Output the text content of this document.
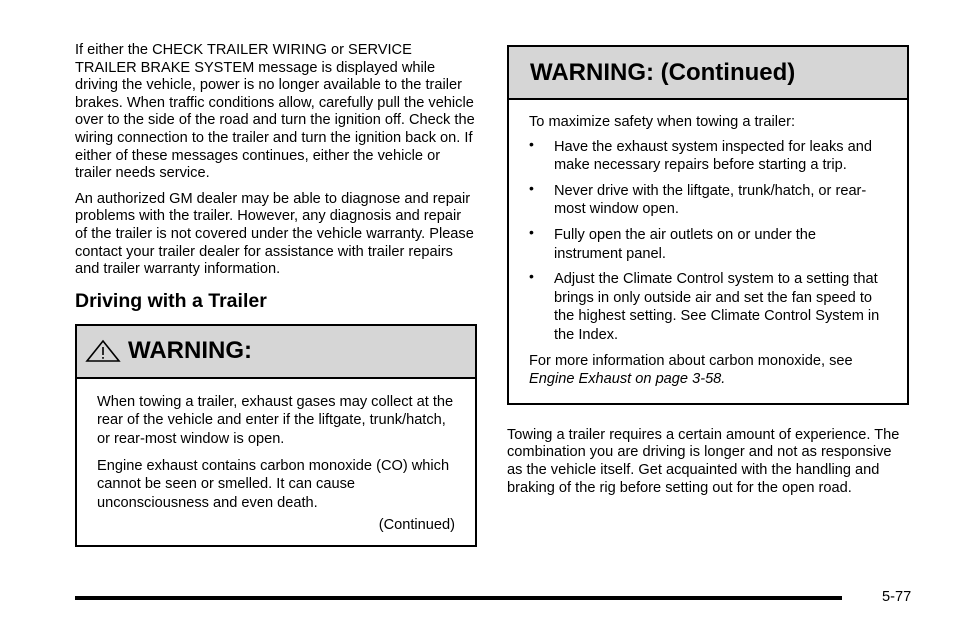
If either the CHECK TRAILER WIRING or SERVICE TRAILER BRAKE SYSTEM message is displayed while driving the vehicle, power is no longer available to the trailer brakes. When traffic conditions allow, carefully pull the vehicle over to the side of the road and turn the ignition off. Check the wiring connection to the trailer and turn the ignition back on. If either of these messages continues, either the vehicle or trailer needs service.

An authorized GM dealer may be able to diagnose and repair problems with the trailer. However, any diagnosis and repair of the trailer is not covered under the vehicle warranty. Please contact your trailer dealer for assistance with trailer repairs and trailer warranty information.

Driving with a Trailer
WARNING:

When towing a trailer, exhaust gases may collect at the rear of the vehicle and enter if the liftgate, trunk/hatch, or rear-most window is open.

Engine exhaust contains carbon monoxide (CO) which cannot be seen or smelled. It can cause unconsciousness and even death.

(Continued)

WARNING: (Continued)

To maximize safety when towing a trailer:

• Have the exhaust system inspected for leaks and make necessary repairs before starting a trip.
• Never drive with the liftgate, trunk/hatch, or rear-most window open.
• Fully open the air outlets on or under the instrument panel.
• Adjust the Climate Control system to a setting that brings in only outside air and set the fan speed to the highest setting. See Climate Control System in the Index.

For more information about carbon monoxide, see
Engine Exhaust on page 3-58.

Towing a trailer requires a certain amount of experience. The combination you are driving is longer and not as responsive as the vehicle itself. Get acquainted with the handling and braking of the rig before setting out for the open road.

5-77
